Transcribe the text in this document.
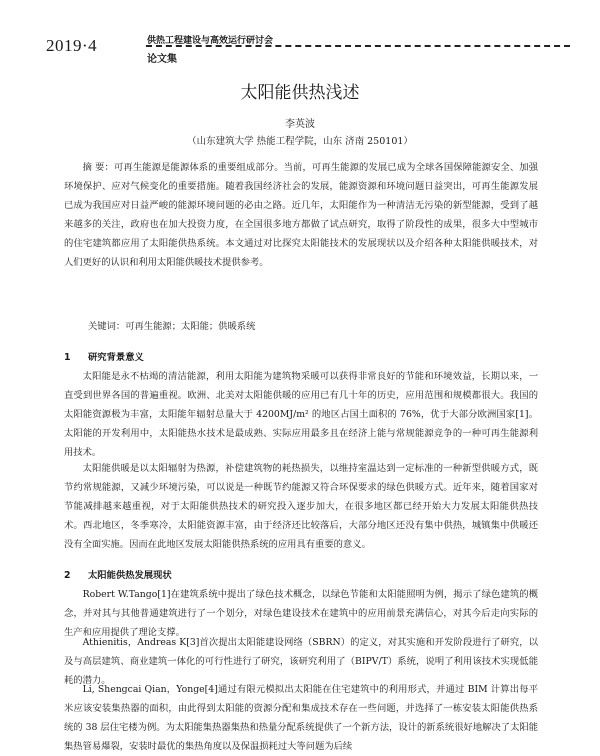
2019·4	供热工程建设与高效运行研讨会
论文集
太阳能供热浅述
李英波
（山东建筑大学 热能工程学院，山东 济南 250101）

摘 要：可再生能源是能源体系的重要组成部分。当前，可再生能源的发展已成为全球各国保障能源安全、加强环境保护、应对气候变化的重要措施。随着我国经济社会的发展，能源资源和环境问题日益突出，可再生能源发展已成为我国应对日益严峻的能源环境问题的必由之路。近几年，太阳能作为一种清洁无污染的新型能源，受到了越来越多的关注，政府也在加大投资力度，在全国很多地方都做了试点研究，取得了阶段性的成果，很多大中型城市的住宅建筑都应用了太阳能供热系统。本文通过对比探究太阳能技术的发展现状以及介绍各种太阳能供暖技术，对人们更好的认识和利用太阳能供暖技术提供参考。

关键词：可再生能源；太阳能；供暖系统
1 研究背景意义

太阳能是永不枯竭的清洁能源，利用太阳能为建筑物采暖可以获得非常良好的节能和环境效益，长期以来，一直受到世界各国的普遍重视。欧洲、北美对太阳能供暖的应用已有几十年的历史，应用范围和规模都很大。我国的太阳能资源极为丰富，太阳能年辐射总量大于 4200MJ/m² 的地区占国土面积的 76%，优于大部分欧洲国家[1]。太阳能的开发利用中，太阳能热水技术是最成熟、实际应用最多且在经济上能与常规能源竞争的一种可再生能源利用技术。

太阳能供暖是以太阳辐射为热源，补偿建筑物的耗热损失，以维持室温达到一定标准的一种新型供暖方式，既节约常规能源，又减少环境污染，可以说是一种既节约能源又符合环保要求的绿色供暖方式。近年来，随着国家对节能减排越来越重视，对于太阳能供热技术的研究投入逐步加大，在很多地区都已经开始大力发展太阳能供热技术。西北地区，冬季寒冷，太阳能资源丰富，由于经济还比较落后，大部分地区还没有集中供热，城镇集中供暖还没有全面实施。因而在此地区发展太阳能供热系统的应用具有重要的意义。

2 太阳能供热发展现状

Robert W.Tango[1]在建筑系统中提出了绿色技术概念，以绿色节能和太阳能照明为例，揭示了绿色建筑的概念，并对其与其他普通建筑进行了一个划分，对绿色建设技术在建筑中的应用前景充满信心，对其今后走向实际的生产和应用提供了理论支撑。

Athienitis，Andreas K[3]首次提出太阳能建设网络（SBRN）的定义，对其实施和开发阶段进行了研究，以及与高层建筑、商业建筑一体化的可行性进行了研究，该研究利用了（BIPV/T）系统，说明了利用该技术实现低能耗的潜力。

Li, Shengcai Qian，Yonge[4]通过有限元模拟出太阳能在住宅建筑中的利用形式，并通过 BIM 计算出每平米应该安装集热器的面积，由此得到太阳能的资源分配和集成技术存在一些问题，并选择了一栋安装太阳能供热系统的 38 层住宅楼为例。为太阳能集热器集热和热量分配系统提供了一个新方法，设计的新系统很好地解决了太阳能集热管易爆裂，安装时最优的集热角度以及保温损耗过大等问题为后续
